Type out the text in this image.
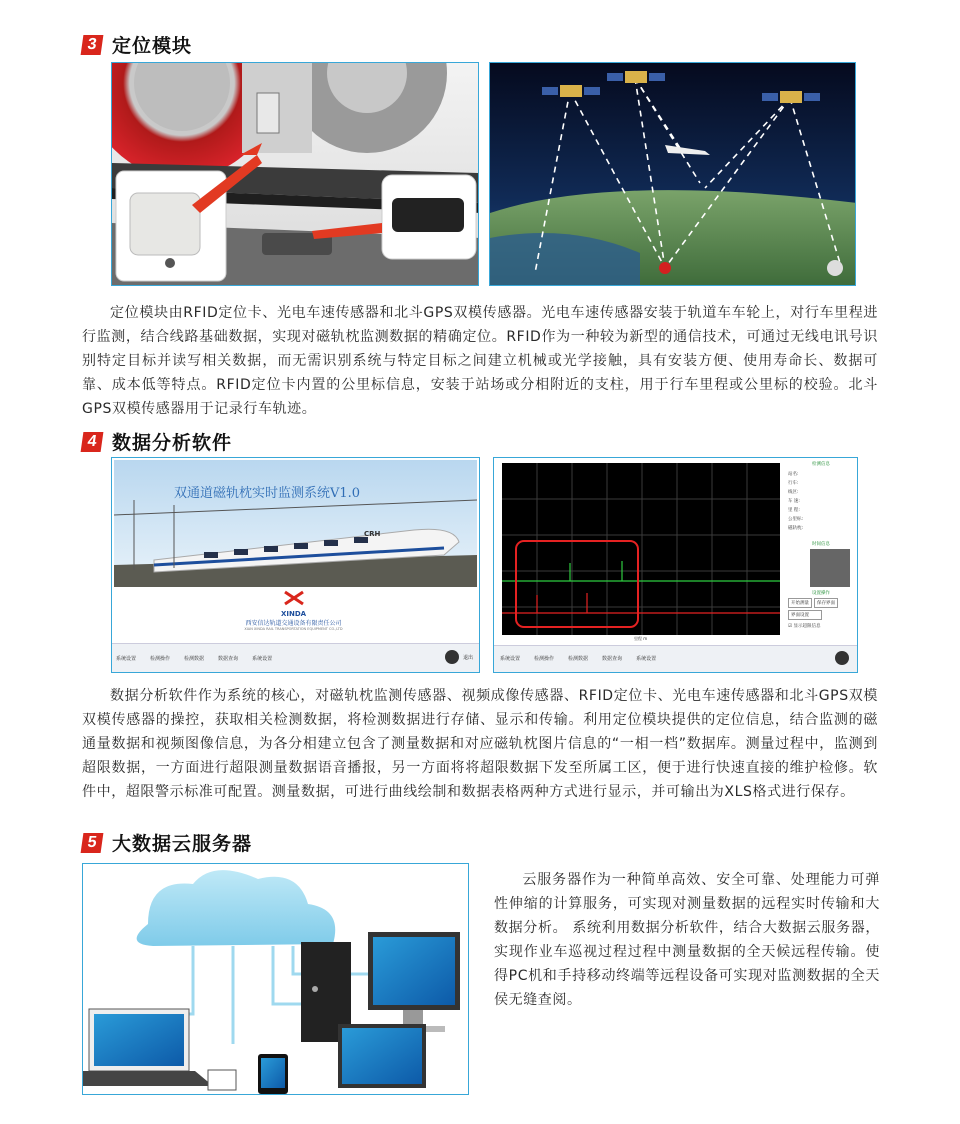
3 定位模块
定位模块由RFID定位卡、光电车速传感器和北斗GPS双模传感器。光电车速传感器安装于轨道车车轮上，对行车里程进行监测，结合线路基础数据，实现对磁轨枕监测数据的精确定位。RFID作为一种较为新型的通信技术，可通过无线电讯号识别特定目标并读写相关数据，而无需识别系统与特定目标之间建立机械或光学接触，具有安装方便、使用寿命长、数据可靠、成本低等特点。RFID定位卡内置的公里标信息，安装于站场或分相附近的支柱，用于行车里程或公里标的校验。北斗GPS双模传感器用于记录行车轨迹。
4 数据分析软件
双通道磁轨枕实时监测系统V1.0
CRH
XINDA
西安信达轨道交通设备有限责任公司
XIAN XINDA RAIL TRANSPORTATION EQUIPMENT CO.,LTD
系统设置	检测操作	检测数据	数据查询	系统设置	退出
里程 m
检测信息
站名:
行车:
线区:
车 速:
里 程:
公里标:
磁轨枕:
时间信息
设置操作
开始测量	保存界面
界面设置
☑ 显示超限信息
系统设置	检测操作	检测数据	数据查询	系统设置
数据分析软件作为系统的核心，对磁轨枕监测传感器、视频成像传感器、RFID定位卡、光电车速传感器和北斗GPS双模双模传感器的操控，获取相关检测数据，将检测数据进行存储、显示和传输。利用定位模块提供的定位信息，结合监测的磁通量数据和视频图像信息，为各分相建立包含了测量数据和对应磁轨枕图片信息的“一相一档”数据库。测量过程中，监测到超限数据，一方面进行超限测量数据语音播报，另一方面将将超限数据下发至所属工区，便于进行快速直接的维护检修。软件中，超限警示标准可配置。测量数据，可进行曲线绘制和数据表格两种方式进行显示，并可输出为XLS格式进行保存。
5 大数据云服务器
云服务器作为一种简单高效、安全可靠、处理能力可弹性伸缩的计算服务，可实现对测量数据的远程实时传输和大数据分析。 系统利用数据分析软件，结合大数据云服务器，实现作业车巡视过程过程中测量数据的全天候远程传输。使得PC机和手持移动终端等远程设备可实现对监测数据的全天侯无缝查阅。
